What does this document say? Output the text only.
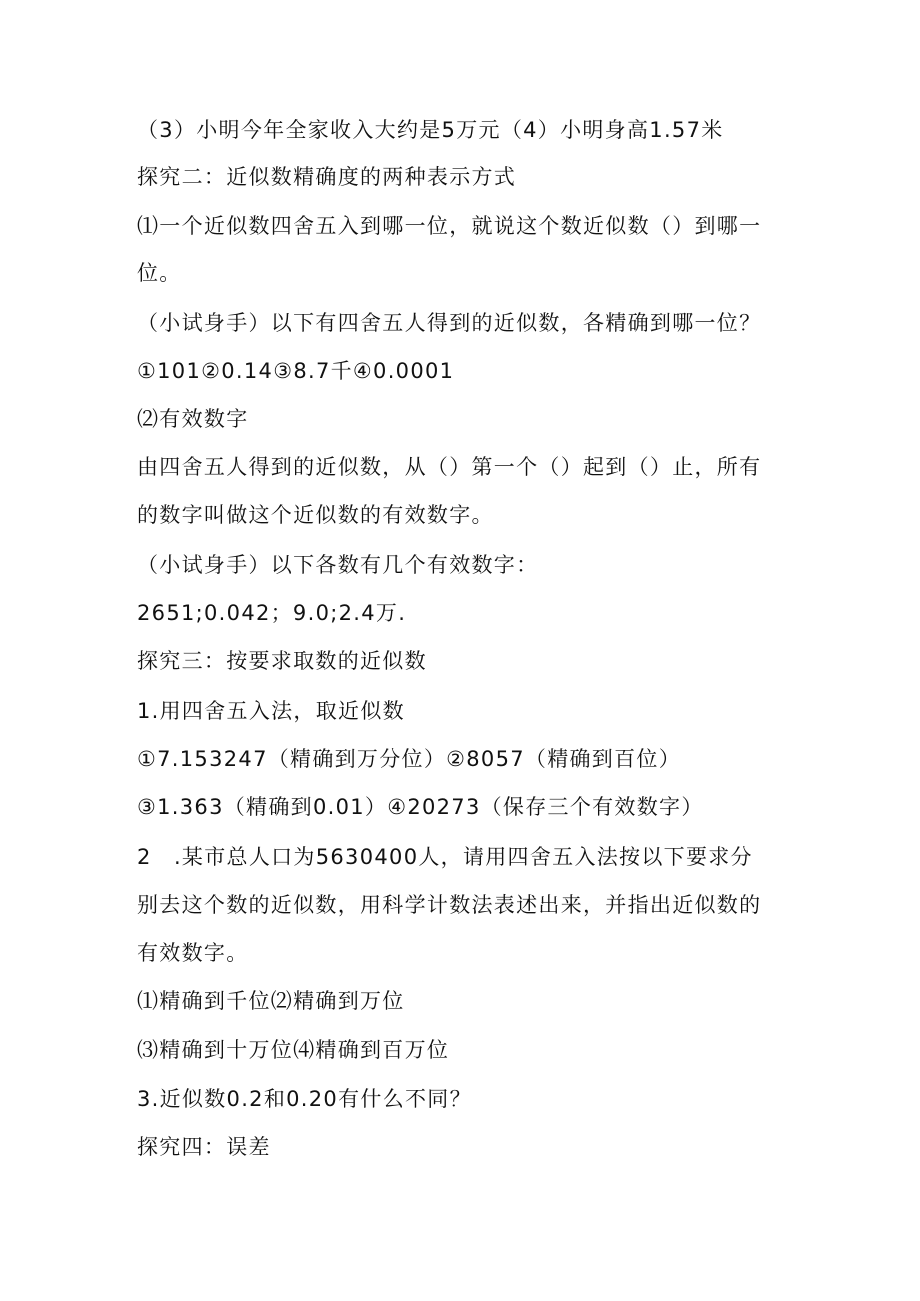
（3）小明今年全家收入大约是5万元（4）小明身高1.57米
探究二：近似数精确度的两种表示方式
⑴一个近似数四舍五入到哪一位，就说这个数近似数（）到哪一
位。
（小试身手）以下有四舍五人得到的近似数，各精确到哪一位？
①101②0.14③8.7千④0.0001
⑵有效数字
由四舍五人得到的近似数，从（）第一个（）起到（）止，所有
的数字叫做这个近似数的有效数字。
（小试身手）以下各数有几个有效数字：
2651;0.042；9.0;2.4万.
探究三：按要求取数的近似数
1.用四舍五入法，取近似数
①7.153247（精确到万分位）②8057（精确到百位）
③1.363（精确到0.01）④20273（保存三个有效数字）
2　.某市总人口为5630400人，请用四舍五入法按以下要求分
别去这个数的近似数，用科学计数法表述出来，并指出近似数的
有效数字。
⑴精确到千位⑵精确到万位
⑶精确到十万位⑷精确到百万位
3.近似数0.2和0.20有什么不同？
探究四：误差
